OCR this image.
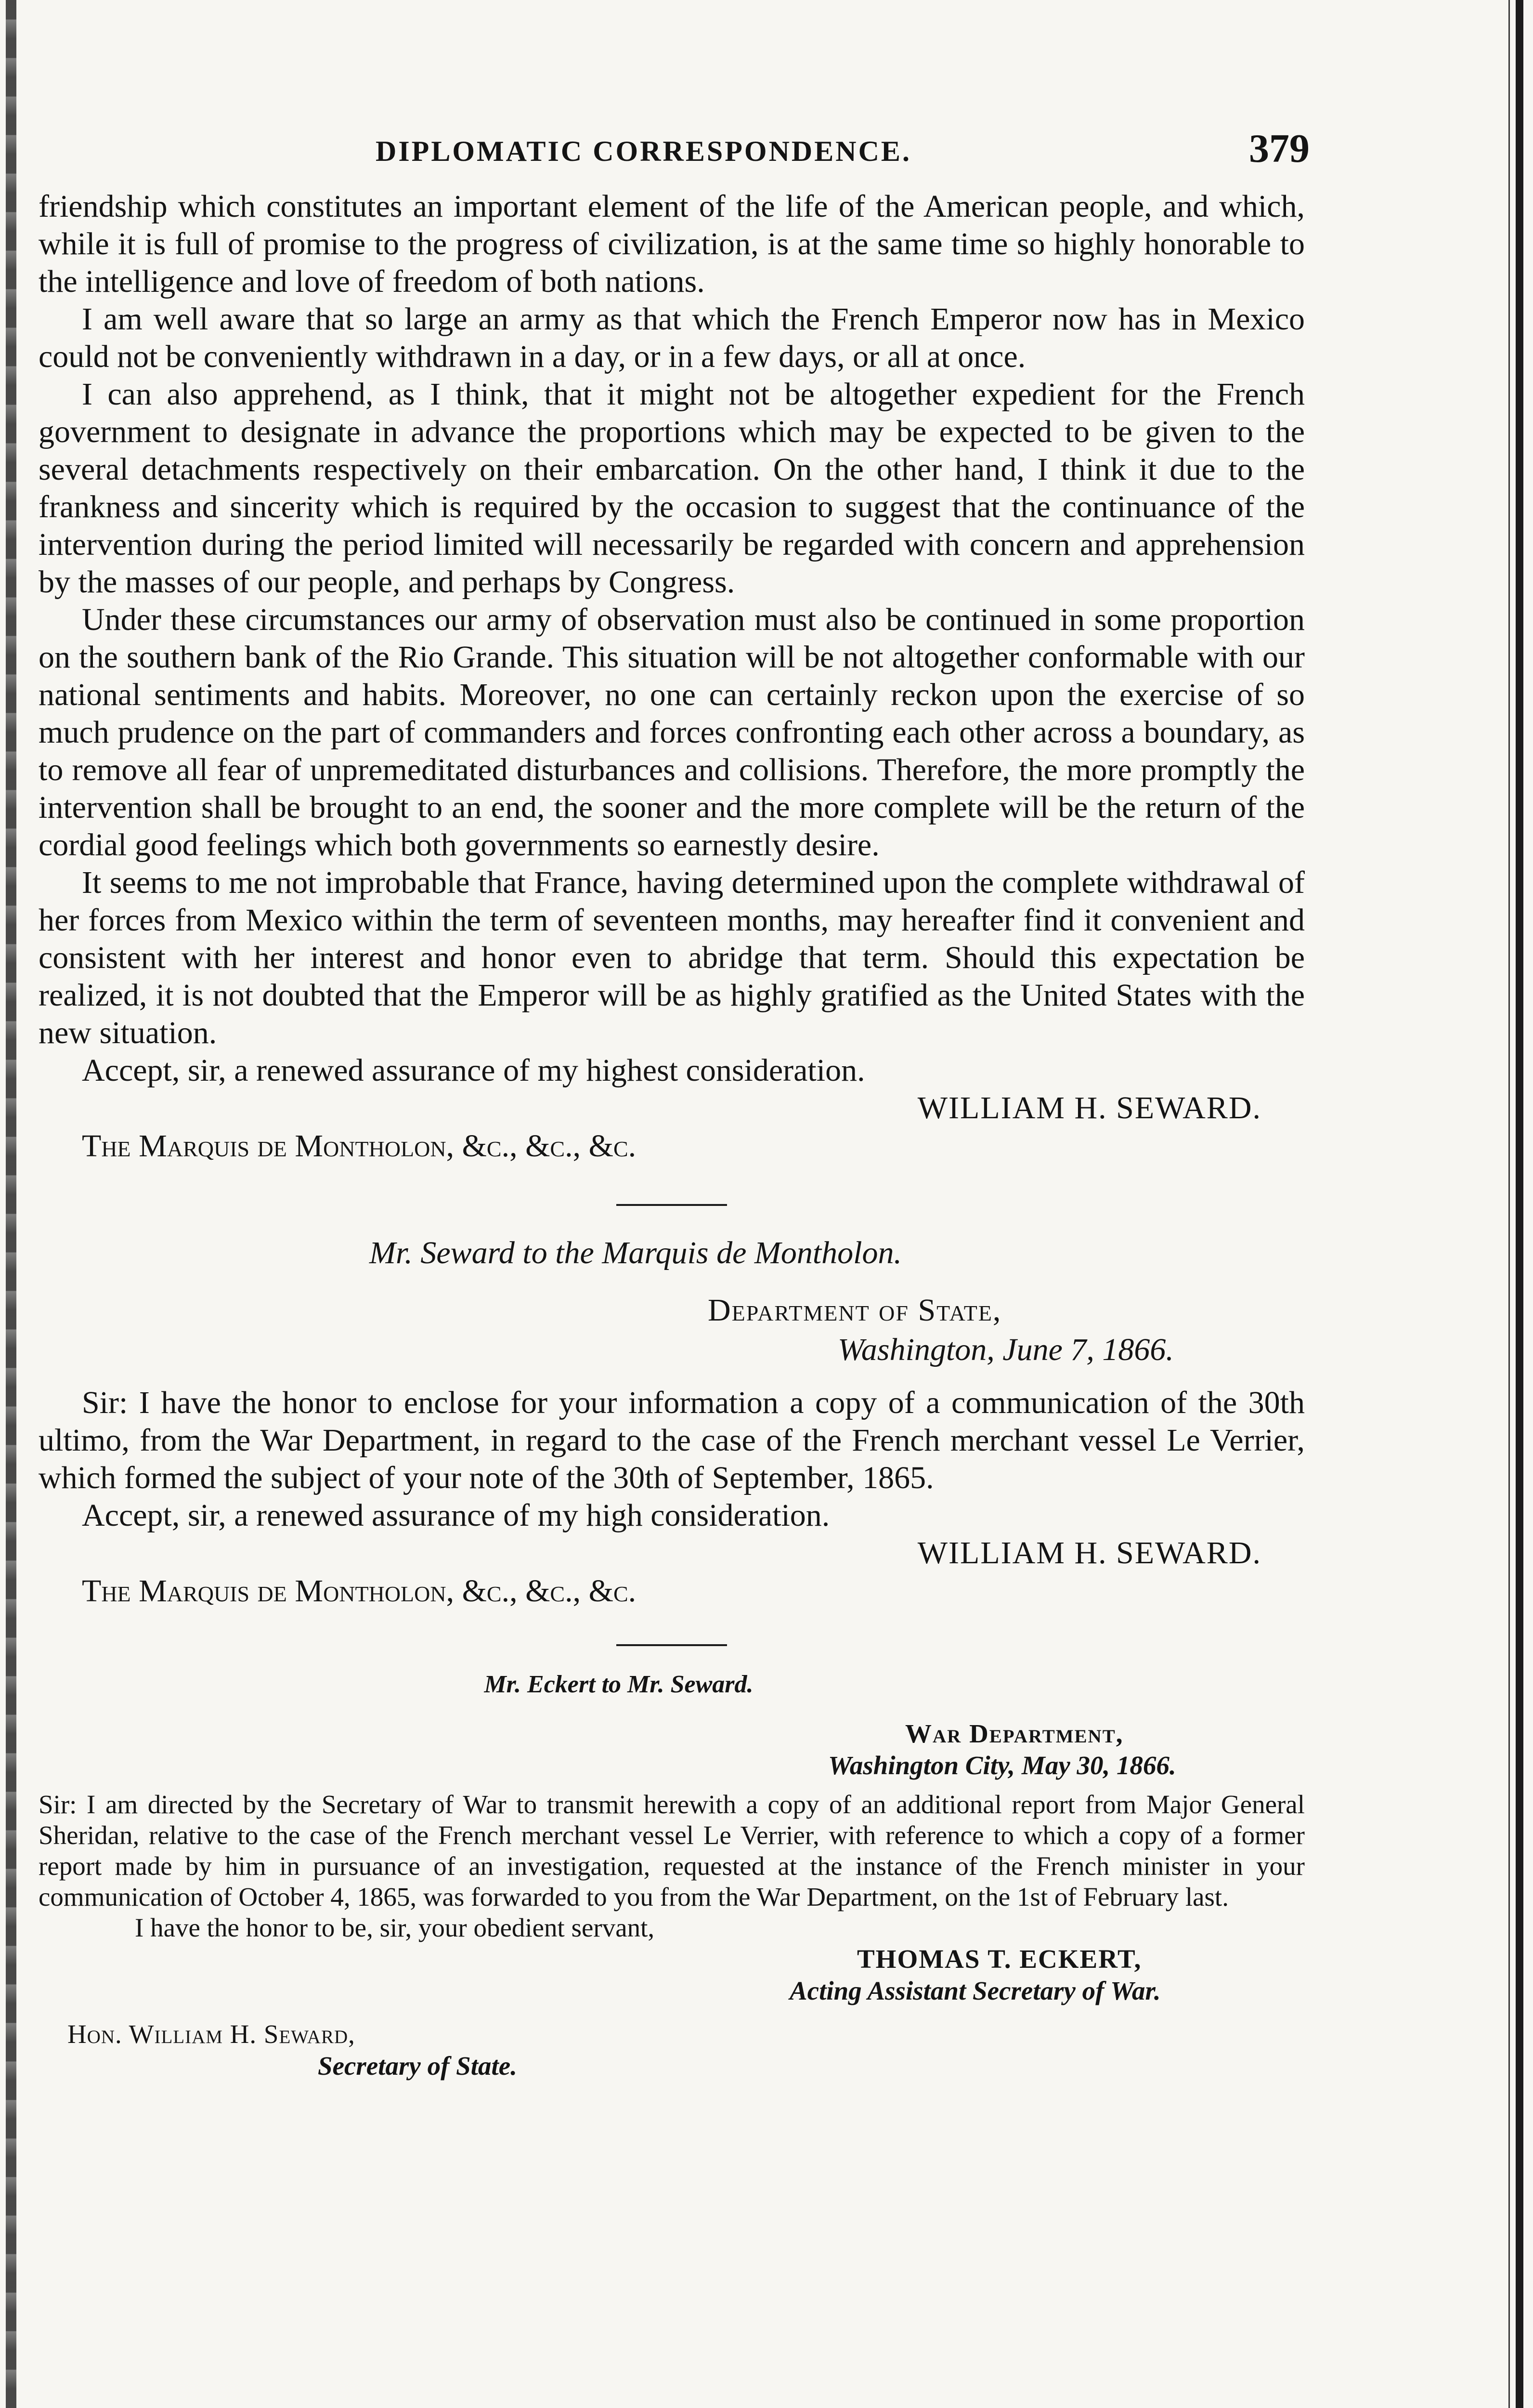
DIPLOMATIC CORRESPONDENCE.	379

friendship which constitutes an important element of the life of the American people, and which, while it is full of promise to the progress of civilization, is at the same time so highly honorable to the intelligence and love of freedom of both nations.

I am well aware that so large an army as that which the French Emperor now has in Mexico could not be conveniently withdrawn in a day, or in a few days, or all at once.

I can also apprehend, as I think, that it might not be altogether expedient for the French government to designate in advance the proportions which may be expected to be given to the several detachments respectively on their embarcation. On the other hand, I think it due to the frankness and sincerity which is required by the occasion to suggest that the continuance of the intervention during the period limited will necessarily be regarded with concern and apprehension by the masses of our people, and perhaps by Congress.

Under these circumstances our army of observation must also be continued in some proportion on the southern bank of the Rio Grande. This situation will be not altogether conformable with our national sentiments and habits. Moreover, no one can certainly reckon upon the exercise of so much prudence on the part of commanders and forces confronting each other across a boundary, as to remove all fear of unpremeditated disturbances and collisions. Therefore, the more promptly the intervention shall be brought to an end, the sooner and the more complete will be the return of the cordial good feelings which both governments so earnestly desire.

It seems to me not improbable that France, having determined upon the complete withdrawal of her forces from Mexico within the term of seventeen months, may hereafter find it convenient and consistent with her interest and honor even to abridge that term. Should this expectation be realized, it is not doubted that the Emperor will be as highly gratified as the United States with the new situation.

Accept, sir, a renewed assurance of my highest consideration.

WILLIAM H. SEWARD.
The Marquis de Montholon, &c., &c., &c.
Mr. Seward to the Marquis de Montholon.
Department of State,
Washington, June 7, 1866.

Sir: I have the honor to enclose for your information a copy of a communication of the 30th ultimo, from the War Department, in regard to the case of the French merchant vessel Le Verrier, which formed the subject of your note of the 30th of September, 1865.

Accept, sir, a renewed assurance of my high consideration.

WILLIAM H. SEWARD.
The Marquis de Montholon, &c., &c., &c.
Mr. Eckert to Mr. Seward.
War Department,
Washington City, May 30, 1866.

Sir: I am directed by the Secretary of War to transmit herewith a copy of an additional report from Major General Sheridan, relative to the case of the French merchant vessel Le Verrier, with reference to which a copy of a former report made by him in pursuance of an investigation, requested at the instance of the French minister in your communication of October 4, 1865, was forwarded to you from the War Department, on the 1st of February last.

I have the honor to be, sir, your obedient servant,

THOMAS T. ECKERT,
Acting Assistant Secretary of War.
Hon. William H. Seward,
Secretary of State.
